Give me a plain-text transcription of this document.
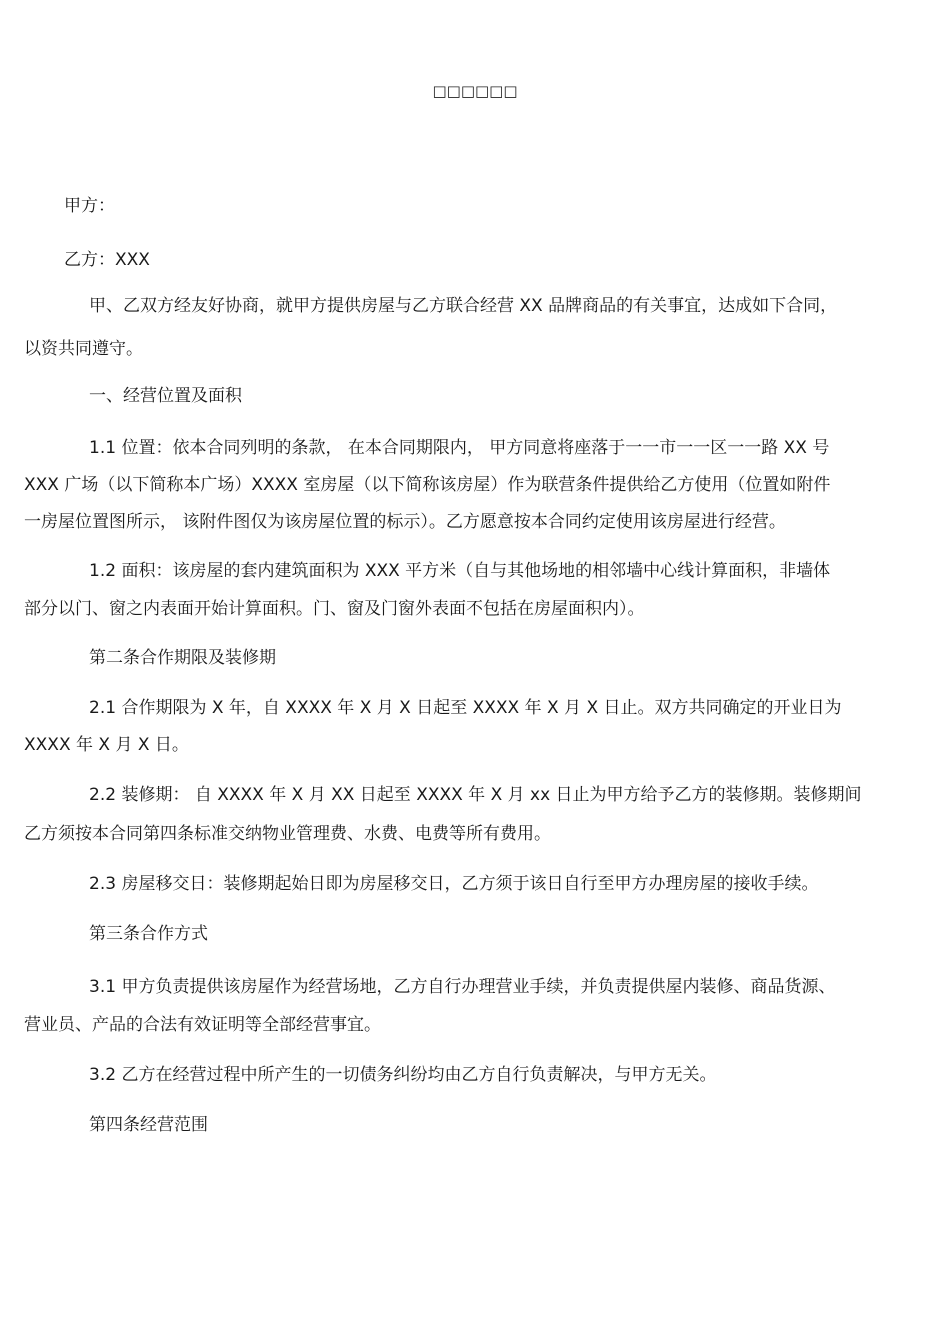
□□□□□□
甲方：
乙方：XXX
甲、乙双方经友好协商，就甲方提供房屋与乙方联合经营 XX 品牌商品的有关事宜，达成如下合同，
以资共同遵守。
一、经营位置及面积
1.1 位置：依本合同列明的条款， 在本合同期限内， 甲方同意将座落于一一市一一区一一路 XX 号
XXX 广场（以下简称本广场）XXXX 室房屋（以下简称该房屋）作为联营条件提供给乙方使用（位置如附件
一房屋位置图所示， 该附件图仅为该房屋位置的标示）。乙方愿意按本合同约定使用该房屋进行经营。
1.2 面积：该房屋的套内建筑面积为 XXX 平方米（自与其他场地的相邻墙中心线计算面积，非墙体
部分以门、窗之内表面开始计算面积。门、窗及门窗外表面不包括在房屋面积内）。
第二条合作期限及装修期
2.1 合作期限为 X 年，自 XXXX 年 X 月 X 日起至 XXXX 年 X 月 X 日止。双方共同确定的开业日为
XXXX 年 X 月 X 日。
2.2 装修期： 自 XXXX 年 X 月 XX 日起至 XXXX 年 X 月 xx 日止为甲方给予乙方的装修期。装修期间
乙方须按本合同第四条标准交纳物业管理费、水费、电费等所有费用。
2.3 房屋移交日：装修期起始日即为房屋移交日，乙方须于该日自行至甲方办理房屋的接收手续。
第三条合作方式
3.1 甲方负责提供该房屋作为经营场地，乙方自行办理营业手续，并负责提供屋内装修、商品货源、
营业员、产品的合法有效证明等全部经营事宜。
3.2 乙方在经营过程中所产生的一切债务纠纷均由乙方自行负责解决，与甲方无关。
第四条经营范围
